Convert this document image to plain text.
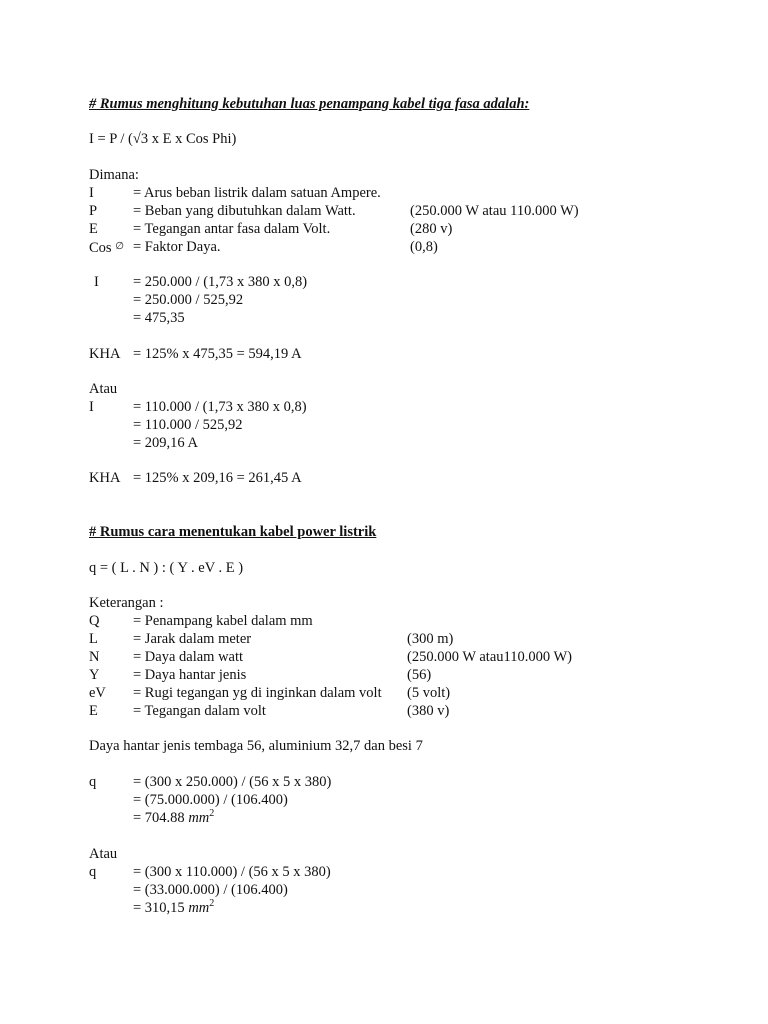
# Rumus menghitung kebutuhan luas penampang kabel tiga fasa adalah:
I = P / (√3 x E x Cos Phi)
Dimana:
I	= Arus beban listrik dalam satuan Ampere.
P = Beban yang dibutuhkan dalam Watt.	(250.000 W atau 110.000 W)
E = Tegangan antar fasa dalam Volt.	(280 v)
Cos ∅ = Faktor Daya.	(0,8)
I = 250.000 / (1,73 x 380 x 0,8)
= 250.000 / 525,92
= 475,35
KHA = 125% x 475,35 = 594,19 A
Atau
I	= 110.000 / (1,73 x 380 x 0,8)
= 110.000 / 525,92
= 209,16 A
KHA = 125% x 209,16 = 261,45 A
# Rumus cara menentukan kabel power listrik
q = ( L . N ) : ( Y . eV . E )
Keterangan :
Q = Penampang kabel dalam mm
L = Jarak dalam meter	(300 m)
N = Daya dalam watt	(250.000 W atau110.000 W)
Y = Daya hantar jenis	(56)
eV = Rugi tegangan yg di inginkan dalam volt (5 volt)
E = Tegangan dalam volt	(380 v)
Daya hantar jenis tembaga 56, aluminium 32,7 dan besi 7
q	= (300 x 250.000) / (56 x 5 x 380)
= (75.000.000) / (106.400)
= 704.88 $mm^2$
Atau
q	= (300 x 110.000) / (56 x 5 x 380)
= (33.000.000) / (106.400)
= 310,15 $mm^2$
